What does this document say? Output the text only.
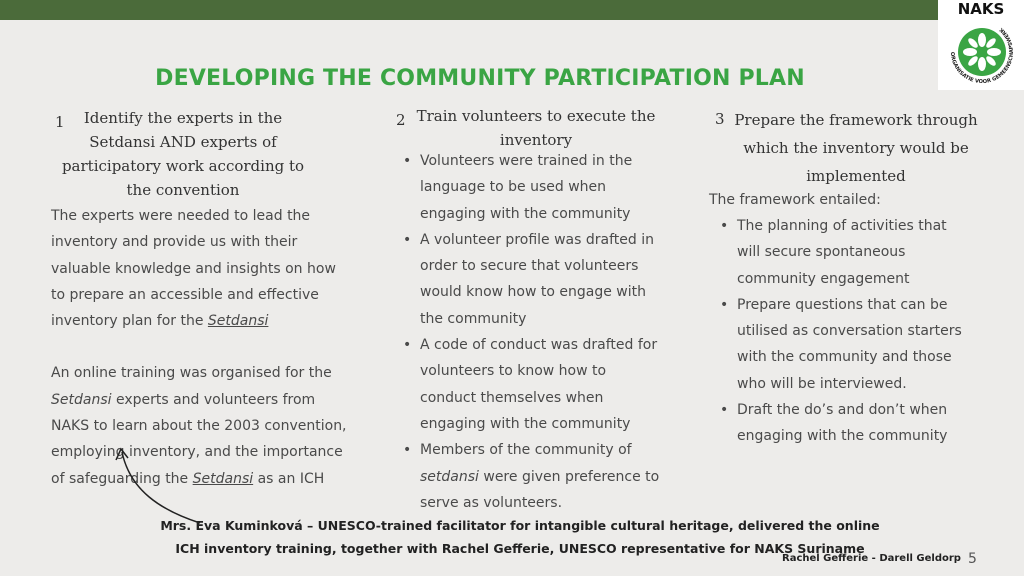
NAKS
ORGANISATIE VOOR GEMEENSCHAPSWERK
DEVELOPING THE COMMUNITY PARTICIPATION PLAN
1	Identify the experts in the Setdansi AND experts of participatory work according to the convention

The experts were needed to lead the inventory and provide us with their valuable knowledge and insights on how to prepare an accessible and effective inventory plan for the Setdansi

An online training was organised for the Setdansi experts and volunteers from NAKS to learn about the 2003 convention, employing inventory, and the importance of safeguarding the Setdansi as an ICH

2 Train volunteers to execute the inventory
• Volunteers were trained in the language to be used when engaging with the community
• A volunteer profile was drafted in order to secure that volunteers would know how to engage with the community
• A code of conduct was drafted for volunteers to know how to conduct themselves when engaging with the community
• Members of the community of setdansi were given preference to serve as volunteers.
3 Prepare the framework through which the inventory would be implemented
The framework entailed:
• The planning of activities that will secure spontaneous community engagement
• Prepare questions that can be utilised as conversation starters with the community and those who will be interviewed.
• Draft the do’s and don’t when engaging with the community
Mrs. Eva Kuminková – UNESCO-trained facilitator for intangible cultural heritage, delivered the online ICH inventory training, together with Rachel Gefferie, UNESCO representative for NAKS Suriname
Rachel Gefferie - Darell Geldorp 5
